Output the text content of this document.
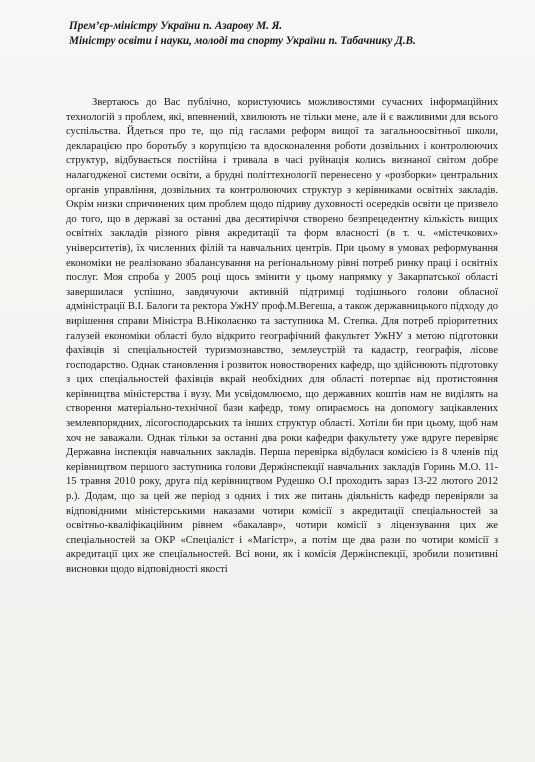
Прем’єр-міністру України п. Азарову М. Я.
Міністру освіти і науки, молоді та спорту України п. Табачнику Д.В.

Звертаюсь до Вас публічно, користуючись можливостями сучасних інформаційних технологій з проблем, які, впевнений, хвилюють не тільки мене, але й є важливими для всього суспільства. Йдеться про те, що під гаслами реформ вищої та загальноосвітньої школи, декларацією про боротьбу з корупцією та вдосконалення роботи дозвільних і контролюючих структур, відбувається постійна і тривала в часі руйнація колись визнаної світом добре налагодженої системи освіти, а брудні політтехнології перенесено у «розборки» центральних органів управління, дозвільних та контролюючих структур з керівниками освітніх закладів. Окрім низки спричинених цим проблем щодо підриву духовності осередків освіти це призвело до того, що в державі за останні два десятиріччя створено безпрецедентну кількість вищих освітніх закладів різного рівня акредитації та форм власності (в т. ч. «містечкових» університетів), їх численних філій та навчальних центрів. При цьому в умовах реформування економіки не реалізовано збалансування на регіональному рівні потреб ринку праці і освітніх послуг. Моя спроба у 2005 році щось змінити у цьому напрямку у Закарпатської області завершилася успішно, завдячуючи активній підтримці тодішнього голови обласної адміністрації В.І. Балоги та ректора УжНУ проф.М.Вегеша, а також державницького підходу до вирішення справи Міністра В.Ніколаєнко та заступника М. Степка. Для потреб пріоритетних галузей економіки області було відкрито географічний факультет УжНУ з метою підготовки фахівців зі спеціальностей туризмознавство, землеустрій та кадастр, географія, лісове господарство. Однак становлення і розвиток новостворених кафедр, що здійснюють підготовку з цих спеціальностей фахівців вкрай необхідних для області потерпає від протистояння керівництва міністерства і вузу. Ми усвідомлюємо, що державних коштів нам не виділять на створення матеріально-технічної бази кафедр, тому опираємось на допомогу зацікавлених землевпорядних, лісогосподарських та інших структур області. Хотіли би при цьому, щоб нам хоч не заважали. Однак тільки за останні два роки кафедри факультету уже вдруге перевіряє Державна інспекція навчальних закладів. Перша перевірка відбулася комісією із 8 членів під керівництвом першого заступника голови Держінспекції навчальних закладів Горинь М.О. 11-15 травня 2010 року, друга під керівництвом Рудешко О.І проходить зараз 13-22 лютого 2012 р.). Додам, що за цей же період з одних і тих же питань діяльність кафедр перевіряли за відповідними міністерськими наказами чотири комісії з акредитації спеціальностей за освітньо-кваліфікаційним рівнем «бакалавр», чотири комісії з ліцензування цих же спеціальностей за ОКР «Спеціаліст і «Магістр», а потім ще два рази по чотири комісії з акредитації цих же спеціальностей. Всі вони, як і комісія Держінспекції, зробили позитивні висновки щодо відповідності якості
